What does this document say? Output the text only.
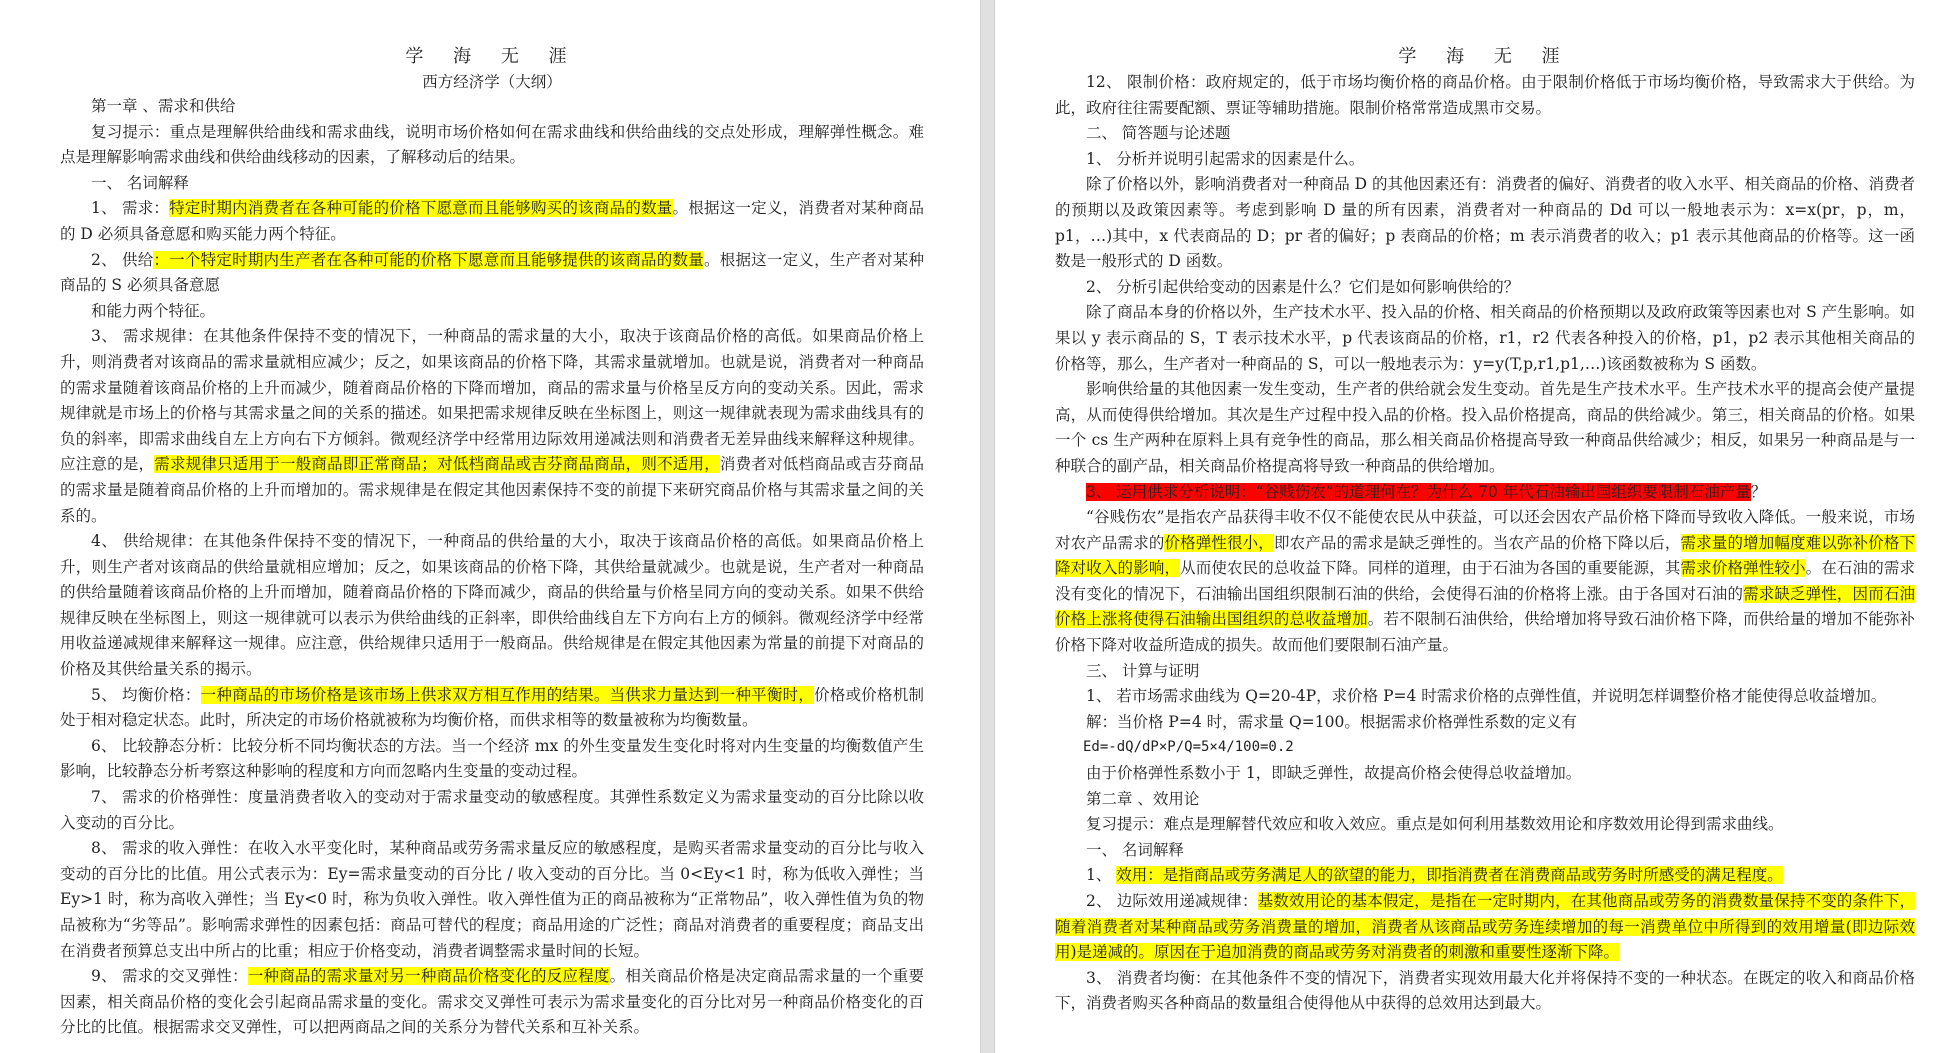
学 海 无 涯
西方经济学（大纲）

第一章 、需求和供给

复习提示：重点是理解供给曲线和需求曲线，说明市场价格如何在需求曲线和供给曲线的交点处形成，理解弹性概念。难点是理解影响需求曲线和供给曲线移动的因素，了解移动后的结果。

一、 名词解释

1、 需求：特定时期内消费者在各种可能的价格下愿意而且能够购买的该商品的数量。根据这一定义，消费者对某种商品的 D 必须具备意愿和购买能力两个特征。

2、 供给：一个特定时期内生产者在各种可能的价格下愿意而且能够提供的该商品的数量。根据这一定义，生产者对某种商品的 S 必须具备意愿

和能力两个特征。

3、 需求规律：在其他条件保持不变的情况下，一种商品的需求量的大小，取决于该商品价格的高低。如果商品价格上升，则消费者对该商品的需求量就相应减少；反之，如果该商品的价格下降，其需求量就增加。也就是说，消费者对一种商品的需求量随着该商品价格的上升而减少，随着商品价格的下降而增加，商品的需求量与价格呈反方向的变动关系。因此，需求规律就是市场上的价格与其需求量之间的关系的描述。如果把需求规律反映在坐标图上，则这一规律就表现为需求曲线具有的负的斜率，即需求曲线自左上方向右下方倾斜。微观经济学中经常用边际效用递减法则和消费者无差异曲线来解释这种规律。应注意的是，需求规律只适用于一般商品即正常商品；对低档商品或吉芬商品商品，则不适用，消费者对低档商品或吉芬商品的需求量是随着商品价格的上升而增加的。需求规律是在假定其他因素保持不变的前提下来研究商品价格与其需求量之间的关系的。

4、 供给规律：在其他条件保持不变的情况下，一种商品的供给量的大小，取决于该商品价格的高低。如果商品价格上升，则生产者对该商品的供给量就相应增加；反之，如果该商品的价格下降，其供给量就减少。也就是说，生产者对一种商品的供给量随着该商品价格的上升而增加，随着商品价格的下降而减少，商品的供给量与价格呈同方向的变动关系。如果不供给规律反映在坐标图上，则这一规律就可以表示为供给曲线的正斜率，即供给曲线自左下方向右上方的倾斜。微观经济学中经常用收益递减规律来解释这一规律。应注意，供给规律只适用于一般商品。供给规律是在假定其他因素为常量的前提下对商品的价格及其供给量关系的揭示。

5、 均衡价格：一种商品的市场价格是该市场上供求双方相互作用的结果。当供求力量达到一种平衡时，价格或价格机制处于相对稳定状态。此时，所决定的市场价格就被称为均衡价格，而供求相等的数量被称为均衡数量。

6、 比较静态分析：比较分析不同均衡状态的方法。当一个经济 mx 的外生变量发生变化时将对内生变量的均衡数值产生影响，比较静态分析考察这种影响的程度和方向而忽略内生变量的变动过程。

7、 需求的价格弹性：度量消费者收入的变动对于需求量变动的敏感程度。其弹性系数定义为需求量变动的百分比除以收入变动的百分比。

8、 需求的收入弹性：在收入水平变化时，某种商品或劳务需求量反应的敏感程度，是购买者需求量变动的百分比与收入变动的百分比的比值。用公式表示为：Ey=需求量变动的百分比 / 收入变动的百分比。当 0<Ey<1 时，称为低收入弹性；当 Ey>1 时，称为高收入弹性；当 Ey<0 时，称为负收入弹性。收入弹性值为正的商品被称为“正常物品”，收入弹性值为负的物品被称为“劣等品”。影响需求弹性的因素包括：商品可替代的程度；商品用途的广泛性；商品对消费者的重要程度；商品支出在消费者预算总支出中所占的比重；相应于价格变动，消费者调整需求量时间的长短。

9、 需求的交叉弹性：一种商品的需求量对另一种商品价格变化的反应程度。相关商品价格是决定商品需求量的一个重要因素，相关商品价格的变化会引起商品需求量的变化。需求交叉弹性可表示为需求量变化的百分比对另一种商品价格变化的百分比的比值。根据需求交叉弹性，可以把两商品之间的关系分为替代关系和互补关系。

学 海 无 涯

12、 限制价格：政府规定的，低于市场均衡价格的商品价格。由于限制价格低于市场均衡价格，导致需求大于供给。为此，政府往往需要配额、票证等辅助措施。限制价格常常造成黑市交易。

二、 简答题与论述题

1、 分析并说明引起需求的因素是什么。

除了价格以外，影响消费者对一种商品 D 的其他因素还有：消费者的偏好、消费者的收入水平、相关商品的价格、消费者的预期以及政策因素等。考虑到影响 D 量的所有因素，消费者对一种商品的 Dd 可以一般地表示为：x=x(pr，p，m，p1，…)其中，x 代表商品的 D；pr 者的偏好；p 表商品的价格；m 表示消费者的收入；p1 表示其他商品的价格等。这一函数是一般形式的 D 函数。

2、 分析引起供给变动的因素是什么？它们是如何影响供给的？

除了商品本身的价格以外，生产技术水平、投入品的价格、相关商品的价格预期以及政府政策等因素也对 S 产生影响。如果以 y 表示商品的 S，T 表示技术水平，p 代表该商品的价格，r1，r2 代表各种投入的价格，p1，p2 表示其他相关商品的价格等，那么，生产者对一种商品的 S，可以一般地表示为：y=y(T,p,r1,p1,…)该函数被称为 S 函数。

影响供给量的其他因素一发生变动，生产者的供给就会发生变动。首先是生产技术水平。生产技术水平的提高会使产量提高，从而使得供给增加。其次是生产过程中投入品的价格。投入品价格提高，商品的供给减少。第三，相关商品的价格。如果一个 cs 生产两种在原料上具有竞争性的商品，那么相关商品价格提高导致一种商品供给减少；相反，如果另一种商品是与一种联合的副产品，相关商品价格提高将导致一种商品的供给增加。

3、 运用供求分析说明：“谷贱伤农”的道理何在？为什么 70 年代石油输出国组织要限制石油产量？

“谷贱伤农”是指农产品获得丰收不仅不能使农民从中获益，可以还会因农产品价格下降而导致收入降低。一般来说，市场对农产品需求的价格弹性很小，即农产品的需求是缺乏弹性的。当农产品的价格下降以后，需求量的增加幅度难以弥补价格下降对收入的影响，从而使农民的总收益下降。同样的道理，由于石油为各国的重要能源，其需求价格弹性较小。在石油的需求没有变化的情况下，石油输出国组织限制石油的供给，会使得石油的价格将上涨。由于各国对石油的需求缺乏弹性，因而石油价格上涨将使得石油输出国组织的总收益增加。若不限制石油供给，供给增加将导致石油价格下降，而供给量的增加不能弥补价格下降对收益所造成的损失。故而他们要限制石油产量。

三、 计算与证明

1、 若市场需求曲线为 Q=20-4P，求价格 P=4 时需求价格的点弹性值，并说明怎样调整价格才能使得总收益增加。

解：当价格 P=4 时，需求量 Q=100。根据需求价格弹性系数的定义有

Ed=-dQ/dP×P/Q=5×4/100=0.2

由于价格弹性系数小于 1，即缺乏弹性，故提高价格会使得总收益增加。

第二章 、效用论

复习提示：难点是理解替代效应和收入效应。重点是如何利用基数效用论和序数效用论得到需求曲线。

一、 名词解释

1、 效用：是指商品或劳务满足人的欲望的能力，即指消费者在消费商品或劳务时所感受的满足程度。

2、 边际效用递减规律：基数效用论的基本假定，是指在一定时期内，在其他商品或劳务的消费数量保持不变的条件下，随着消费者对某种商品或劳务消费量的增加，消费者从该商品或劳务连续增加的每一消费单位中所得到的效用增量(即边际效用)是递减的。原因在于追加消费的商品或劳务对消费者的刺激和重要性逐渐下降。

3、 消费者均衡：在其他条件不变的情况下，消费者实现效用最大化并将保持不变的一种状态。在既定的收入和商品价格下，消费者购买各种商品的数量组合使得他从中获得的总效用达到最大。
